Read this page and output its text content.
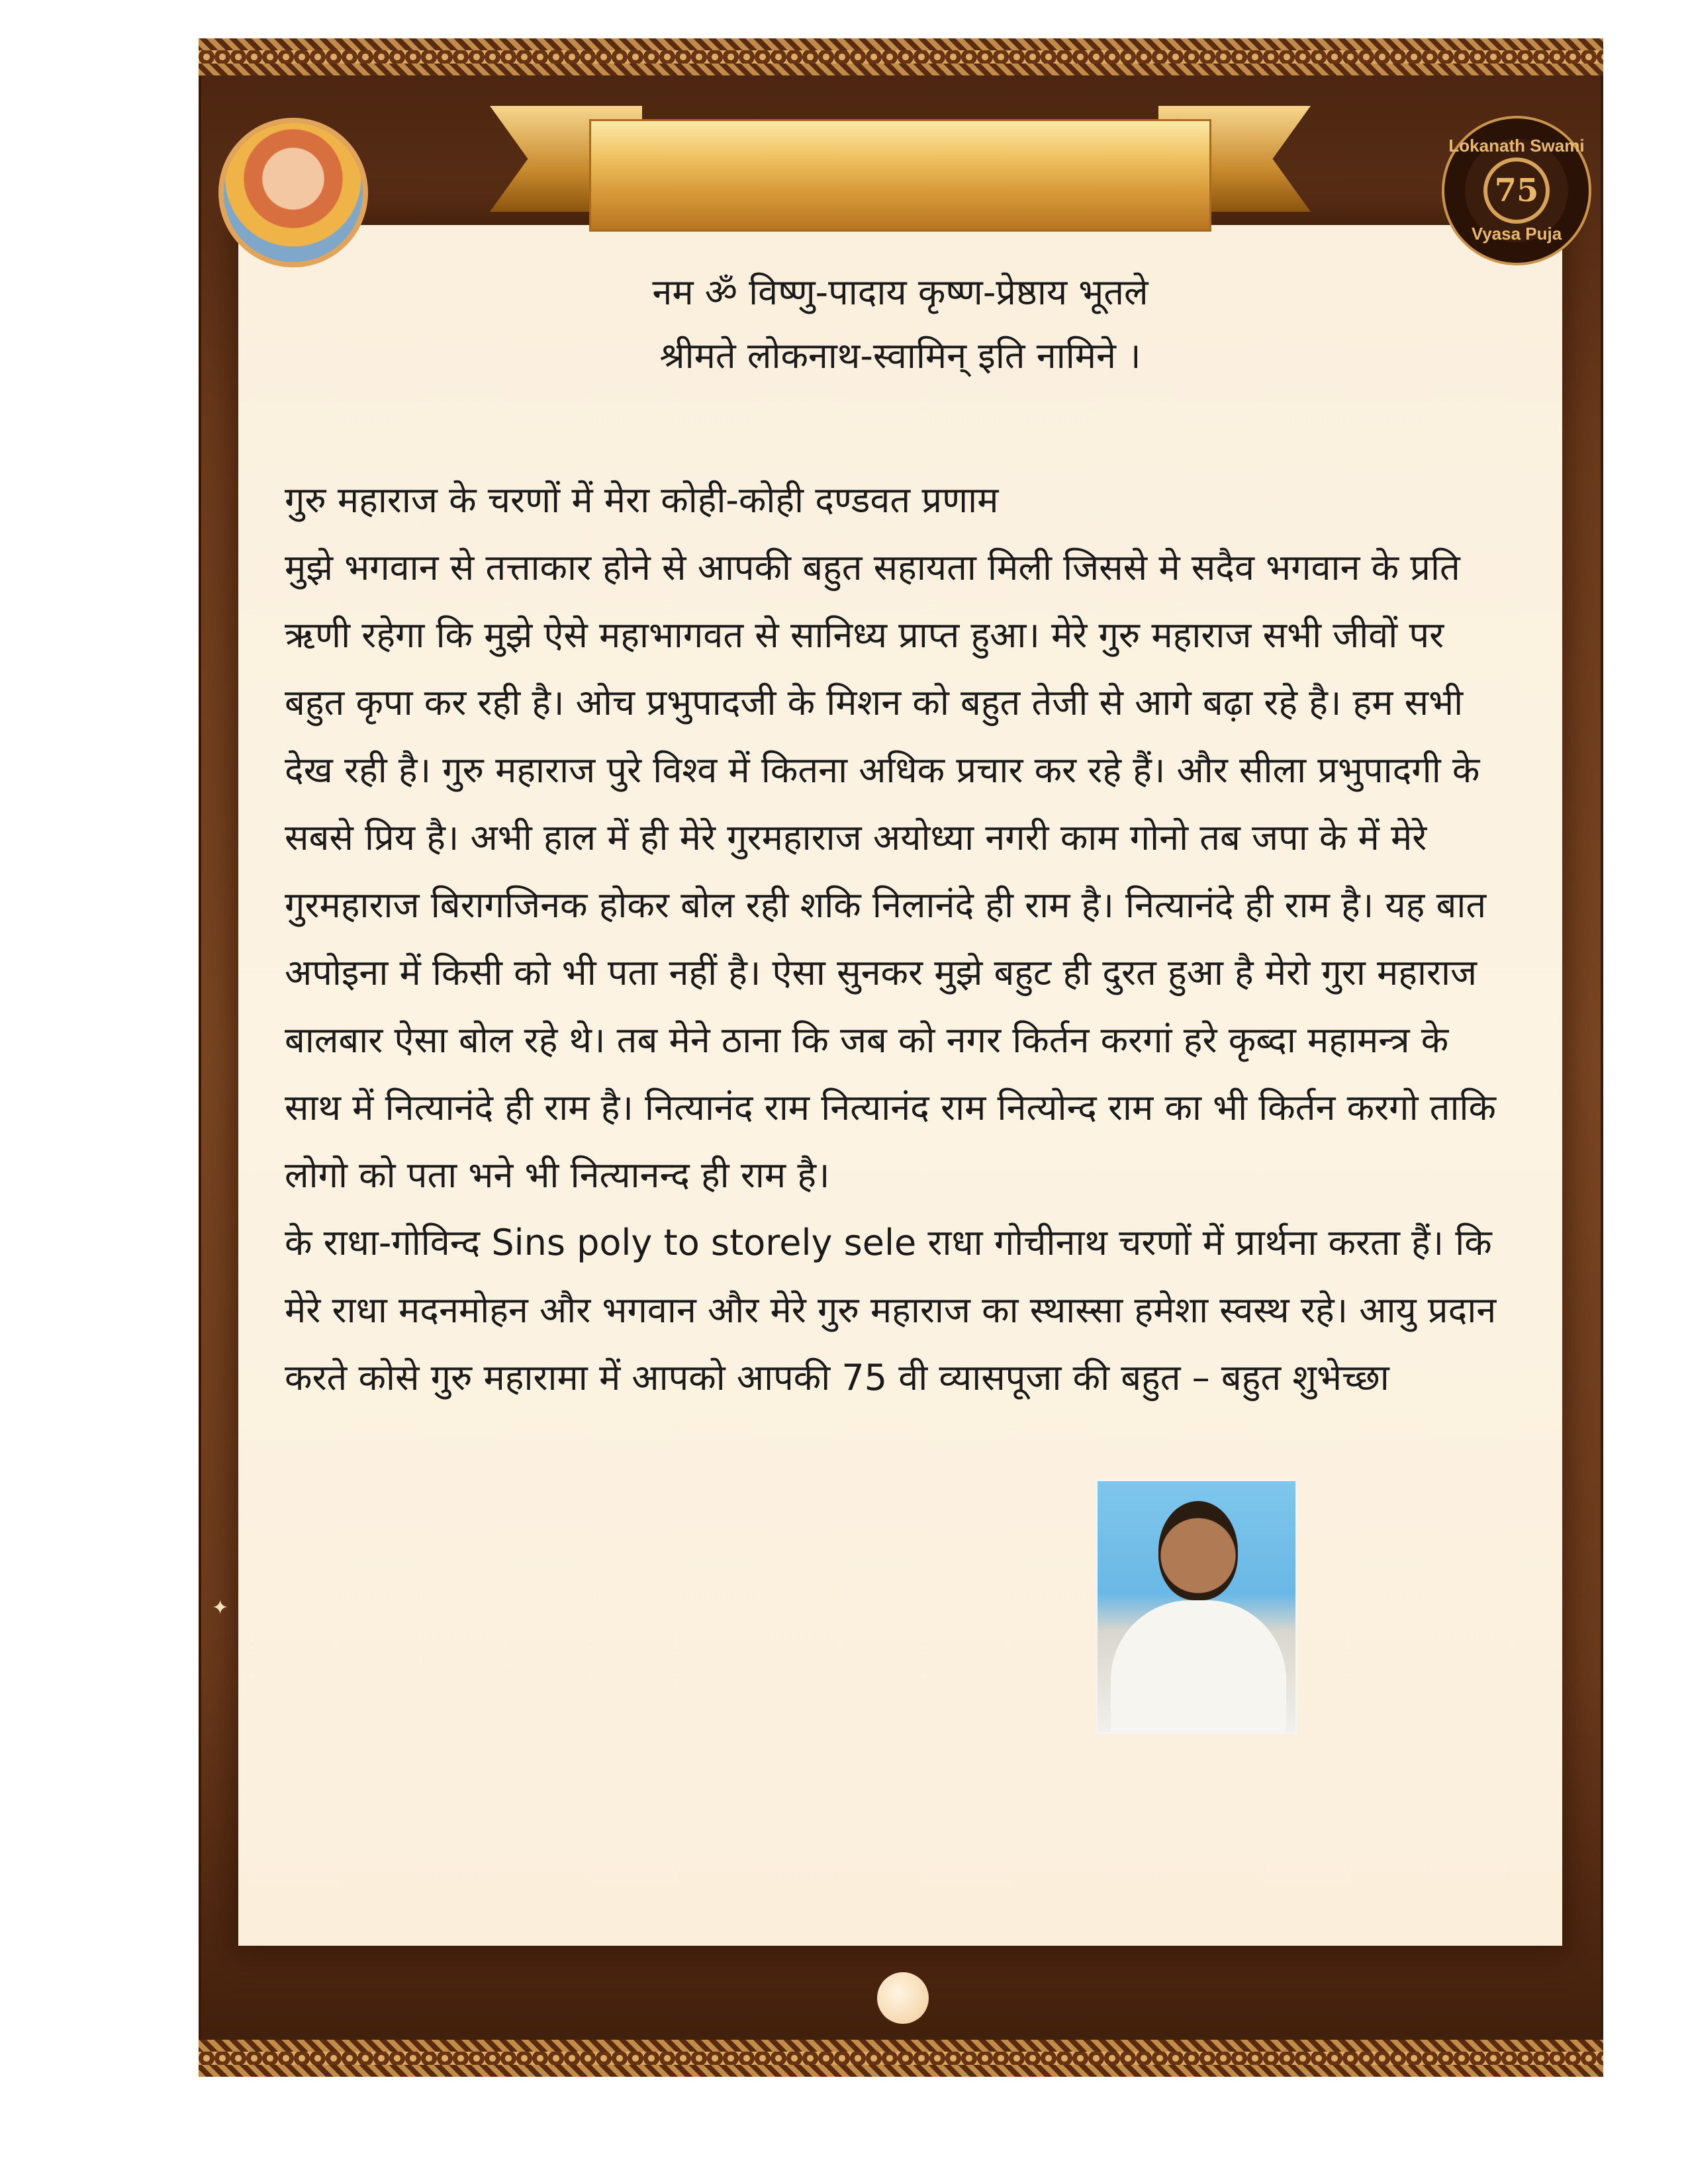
Lokanath Swami
75
Vyasa Puja
नम ॐ विष्णु-पादाय कृष्ण-प्रेष्ठाय भूतले
श्रीमते लोकनाथ-स्वामिन् इति नामिने ।

गुरु महाराज के चरणों में मेरा कोही-कोही दण्डवत प्रणाम

मुझे भगवान से तत्ताकार होने से आपकी बहुत सहायता मिली जिससे मे सदैव भगवान के प्रति ऋणी रहेगा कि मुझे ऐसे महाभागवत से सानिध्य प्राप्त हुआ। मेरे गुरु महाराज सभी जीवों पर बहुत कृपा कर रही है। ओच प्रभुपादजी के मिशन को बहुत तेजी से आगे बढ़ा रहे है। हम सभी देख रही है। गुरु महाराज पुरे विश्व में कितना अधिक प्रचार कर रहे हैं। और सीला प्रभुपादगी के सबसे प्रिय है। अभी हाल में ही मेरे गुरमहाराज अयोध्या नगरी काम गोनो तब जपा के में मेरे गुरमहाराज बिरागजिनक होकर बोल रही शकि निलानंदे ही राम है। नित्यानंदे ही राम है। यह बात अपोइना में किसी को भी पता नहीं है। ऐसा सुनकर मुझे बहुट ही दुरत हुआ है मेरो गुरा महाराज बालबार ऐसा बोल रहे थे। तब मेने ठाना कि जब को नगर किर्तन करगां हरे कृब्दा महामन्त्र के साथ में नित्यानंदे ही राम है। नित्यानंद राम नित्यानंद राम नित्योन्द राम का भी किर्तन करगो ताकि लोगो को पता भने भी नित्यानन्द ही राम है।

के राधा-गोविन्द Sins poly to storely sele राधा गोचीनाथ चरणों में प्रार्थना करता हैं। कि मेरे राधा मदनमोहन और भगवान और मेरे गुरु महाराज का स्थास्सा हमेशा स्वस्थ रहे। आयु प्रदान करते कोसे गुरु महारामा में आपको आपकी 75 वी व्यासपूजा की बहुत – बहुत शुभेच्छा

✦
